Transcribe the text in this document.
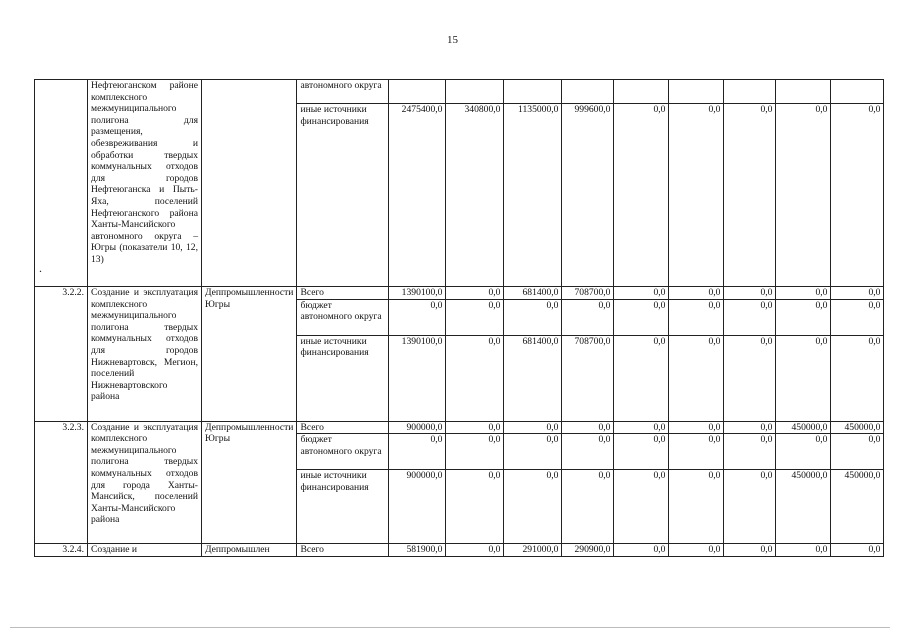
15
.
	Нефтеюганском районе комплексного межмуниципального полигона для размещения, обезвреживания и обработки твердых коммунальных отходов для городов Нефтеюганска и Пыть-Яха, поселений Нефтеюганского района Ханты-Мансийского автономного округа – Югры (показатели 10, 12, 13)		автономного округа									
			иные источники финансирования	2475400,0	340800,0	1135000,0	999600,0	0,0	0,0	0,0	0,0	0,0
3.2.2.	Создание и эксплуатация комплексного межмуниципального полигона твердых коммунальных отходов для городов Нижневартовск, Мегион, поселений Нижневартовского района	Деппромышленности Югры	Всего	1390100,0	0,0	681400,0	708700,0	0,0	0,0	0,0	0,0	0,0
			бюджет автономного округа	0,0	0,0	0,0	0,0	0,0	0,0	0,0	0,0	0,0
			иные источники финансирования	1390100,0	0,0	681400,0	708700,0	0,0	0,0	0,0	0,0	0,0
3.2.3.	Создание и эксплуатация комплексного межмуниципального полигона твердых коммунальных отходов для города Ханты-Мансийск, поселений Ханты-Мансийского района	Деппромышленности Югры	Всего	900000,0	0,0	0,0	0,0	0,0	0,0	0,0	450000,0	450000,0
			бюджет автономного округа	0,0	0,0	0,0	0,0	0,0	0,0	0,0	0,0	0,0
			иные источники финансирования	900000,0	0,0	0,0	0,0	0,0	0,0	0,0	450000,0	450000,0
3.2.4.	Создание и	Деппромышлен	Всего	581900,0	0,0	291000,0	290900,0	0,0	0,0	0,0	0,0	0,0
